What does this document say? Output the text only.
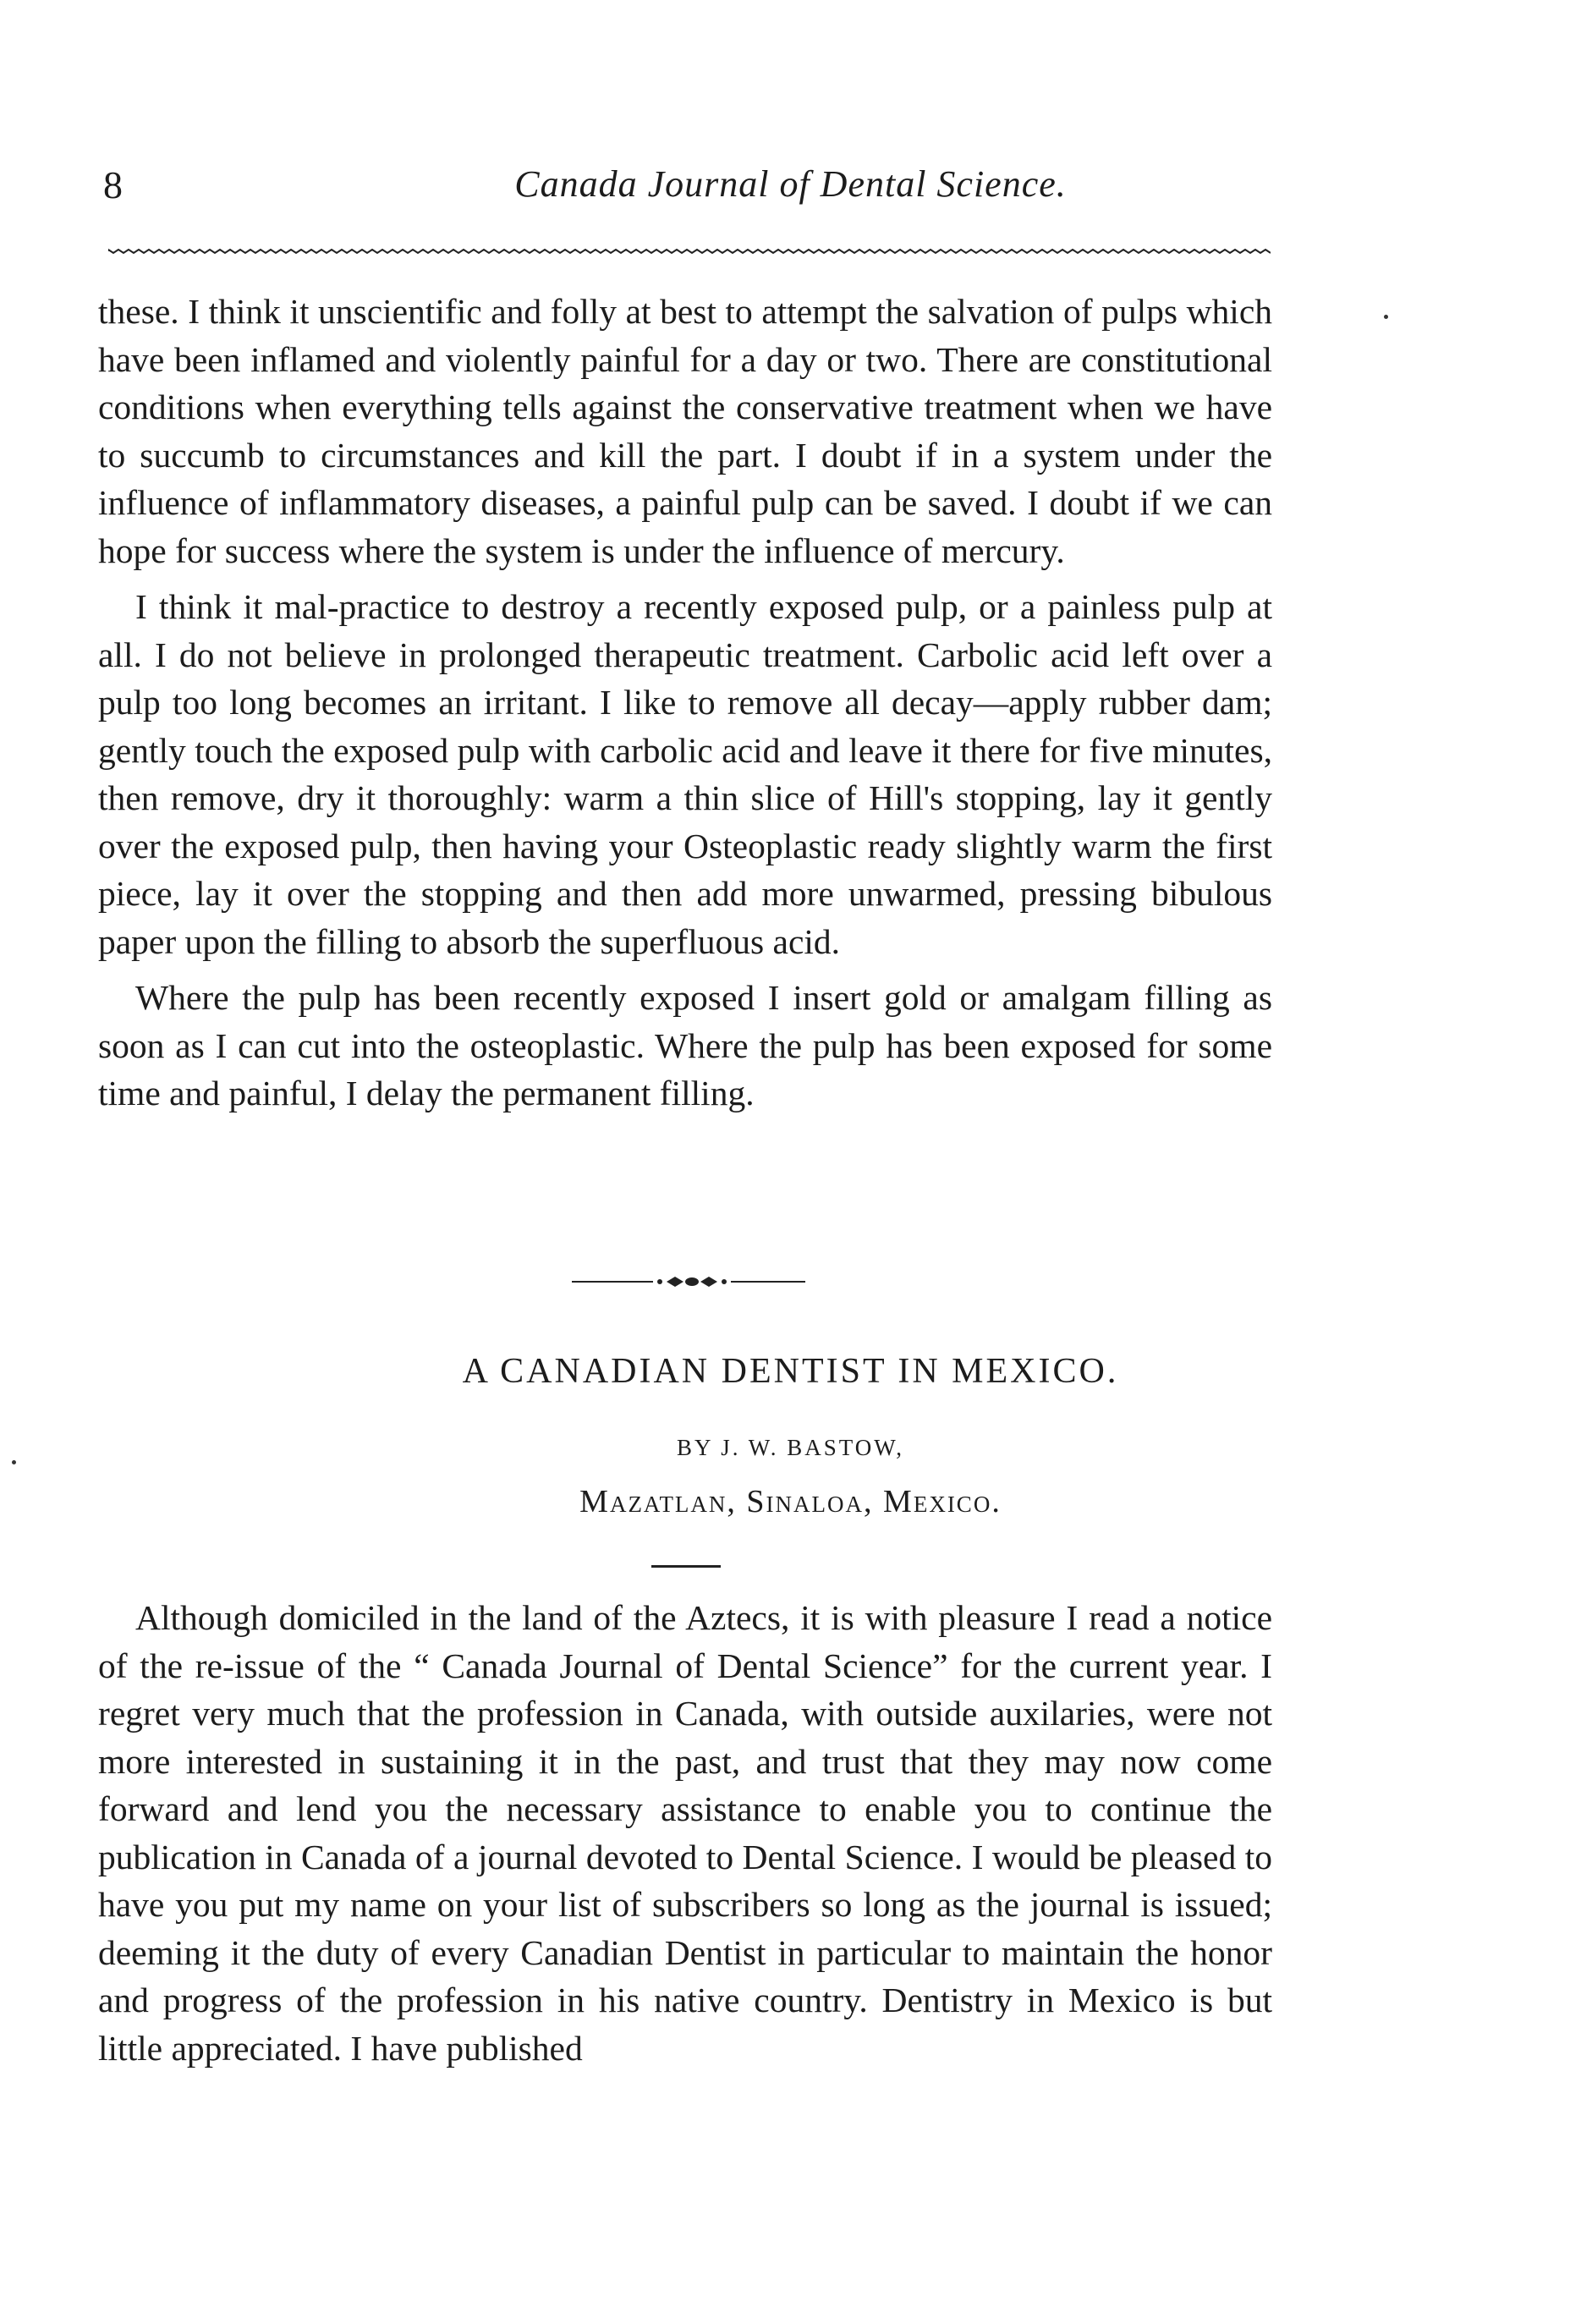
8	Canada Journal of Dental Science.

these. I think it unscientific and folly at best to attempt the salvation of pulps which have been inflamed and violently painful for a day or two. There are constitutional conditions when everything tells against the conservative treatment when we have to succumb to circumstances and kill the part. I doubt if in a system under the influence of inflammatory diseases, a painful pulp can be saved. I doubt if we can hope for success where the system is under the influence of mercury.

I think it mal-practice to destroy a recently exposed pulp, or a painless pulp at all. I do not believe in prolonged therapeutic treatment. Carbolic acid left over a pulp too long becomes an irritant. I like to remove all decay—apply rubber dam; gently touch the exposed pulp with carbolic acid and leave it there for five minutes, then remove, dry it thoroughly: warm a thin slice of Hill's stopping, lay it gently over the exposed pulp, then having your Osteoplastic ready slightly warm the first piece, lay it over the stopping and then add more unwarmed, pressing bibulous paper upon the filling to absorb the superfluous acid.

Where the pulp has been recently exposed I insert gold or amalgam filling as soon as I can cut into the osteoplastic. Where the pulp has been exposed for some time and painful, I delay the permanent filling.

A CANADIAN DENTIST IN MEXICO.
BY J. W. BASTOW,
Mazatlan, Sinaloa, Mexico.

Although domiciled in the land of the Aztecs, it is with pleasure I read a notice of the re-issue of the “ Canada Journal of Dental Science” for the current year. I regret very much that the profession in Canada, with outside auxilaries, were not more interested in sustaining it in the past, and trust that they may now come forward and lend you the necessary assistance to enable you to continue the publication in Canada of a journal devoted to Dental Science. I would be pleased to have you put my name on your list of subscribers so long as the journal is issued; deeming it the duty of every Canadian Dentist in particular to maintain the honor and progress of the profession in his native country. Dentistry in Mexico is but little appreciated. I have published
